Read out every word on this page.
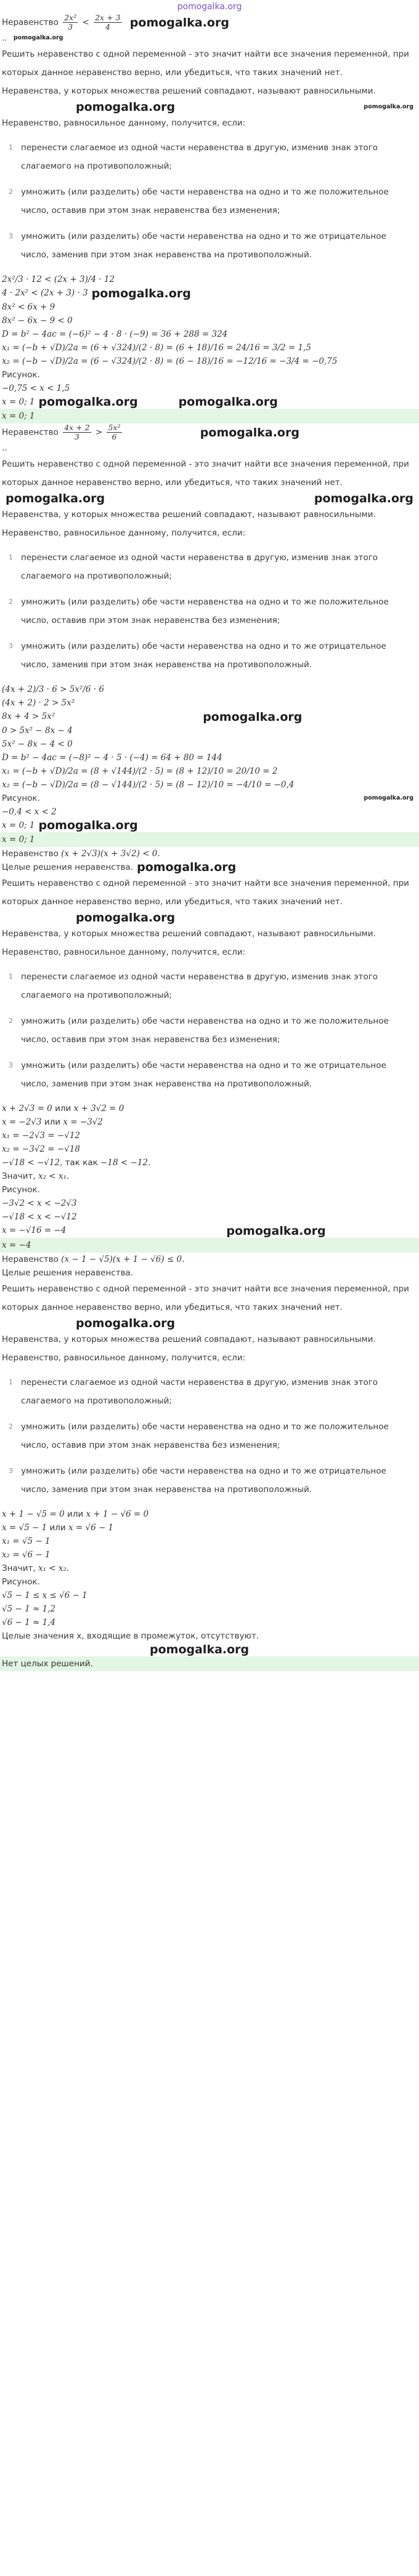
pomogalka.org
Неравенство $\frac{\text{2x²}}{3} < \frac{2x + 3}{4}$ pomogalka.org
.. pomogalka.org
Решить неравенство с одной переменной - это значит найти все значения переменной, при которых данное неравенство верно, или убедиться, что таких значений нет.
Неравенства, у которых множества решений совпадают, называют равносильными.
pomogalka.org	pomogalka.org
Неравенство, равносильное данному, получится, если:
1 перенести слагаемое из одной части неравенства в другую, изменив знак этого слагаемого на противоположный;
2 умножить (или разделить) обе части неравенства на одно и то же положительное число, оставив при этом знак неравенства без изменения;
3 умножить (или разделить) обе части неравенства на одно и то же отрицательное число, заменив при этом знак неравенства на противоположный.
2x²/3 · 12 < (2x + 3)/4 · 12
4 · 2x² < (2x + 3) · 3 pomogalka.org
8x² < 6x + 9
8x² − 6x − 9 < 0
D = b² − 4ac = (−6)² − 4 · 8 · (−9) = 36 + 288 = 324
x₁ = (−b + √D)/2a = (6 + √324)/(2 · 8) = (6 + 18)/16 = 24/16 = 3/2 = 1,5
x₂ = (−b − √D)/2a = (6 − √324)/(2 · 8) = (6 − 18)/16 = −12/16 = −3/4 = −0,75
Рисунок.
−0,75 < x < 1,5
x = 0; 1 pomogalka.org	pomogalka.org
x = 0; 1
Неравенство $\frac{4x + 2}{3} > \frac{\text{5x²}}{6}$	pomogalka.org
..
Решить неравенство с одной переменной - это значит найти все значения переменной, при которых данное неравенство верно, или убедиться, что таких значений нет.
pomogalka.org	pomogalka.org
Неравенства, у которых множества решений совпадают, называют равносильными.
Неравенство, равносильное данному, получится, если:
1 перенести слагаемое из одной части неравенства в другую, изменив знак этого слагаемого на противоположный;
2 умножить (или разделить) обе части неравенства на одно и то же положительное число, оставив при этом знак неравенства без изменения;
3 умножить (или разделить) обе части неравенства на одно и то же отрицательное число, заменив при этом знак неравенства на противоположный.
(4x + 2)/3 · 6 > 5x²/6 · 6
(4x + 2) · 2 > 5x²
8x + 4 > 5x²	pomogalka.org
0 > 5x² − 8x − 4
5x² − 8x − 4 < 0
D = b² − 4ac = (−8)² − 4 · 5 · (−4) = 64 + 80 = 144
x₁ = (−b + √D)/2a = (8 + √144)/(2 · 5) = (8 + 12)/10 = 20/10 = 2
x₂ = (−b − √D)/2a = (8 − √144)/(2 · 5) = (8 − 12)/10 = −4/10 = −0,4
Рисунок.	pomogalka.org
−0,4 < x < 2
x = 0; 1 pomogalka.org
x = 0; 1
Неравенство (x + 2√3)(x + 3√2) < 0.
Целые решения неравенства. pomogalka.org
Решить неравенство с одной переменной - это значит найти все значения переменной, при которых данное неравенство верно, или убедиться, что таких значений нет.
pomogalka.org
Неравенства, у которых множества решений совпадают, называют равносильными.
Неравенство, равносильное данному, получится, если:
1 перенести слагаемое из одной части неравенства в другую, изменив знак этого слагаемого на противоположный;
2 умножить (или разделить) обе части неравенства на одно и то же положительное число, оставив при этом знак неравенства без изменения;
3 умножить (или разделить) обе части неравенства на одно и то же отрицательное число, заменив при этом знак неравенства на противоположный.
x + 2√3 = 0 или x + 3√2 = 0
x = −2√3 или x = −3√2
x₁ = −2√3 = −√12
x₂ = −3√2 = −√18
−√18 < −√12, так как −18 < −12.
Значит, x₂ < x₁.
Рисунок.
−3√2 < x < −2√3
−√18 < x < −√12
x = −√16 = −4	pomogalka.org
x = −4
Неравенство (x − 1 − √5)(x + 1 − √6) ≤ 0.
Целые решения неравенства.
Решить неравенство с одной переменной - это значит найти все значения переменной, при которых данное неравенство верно, или убедиться, что таких значений нет.
pomogalka.org
Неравенства, у которых множества решений совпадают, называют равносильными.
Неравенство, равносильное данному, получится, если:
1 перенести слагаемое из одной части неравенства в другую, изменив знак этого слагаемого на противоположный;
2 умножить (или разделить) обе части неравенства на одно и то же положительное число, оставив при этом знак неравенства без изменения;
3 умножить (или разделить) обе части неравенства на одно и то же отрицательное число, заменив при этом знак неравенства на противоположный.
x + 1 − √5 = 0 или x + 1 − √6 = 0
x = √5 − 1 или x = √6 − 1
x₁ = √5 − 1
x₂ = √6 − 1
Значит, x₁ < x₂.
Рисунок.
√5 − 1 ≤ x ≤ √6 − 1
√5 − 1 ≈ 1,2
√6 − 1 ≈ 1,4
Целые значения x, входящие в промежуток, отсутствуют.
pomogalka.org
Нет целых решений.
